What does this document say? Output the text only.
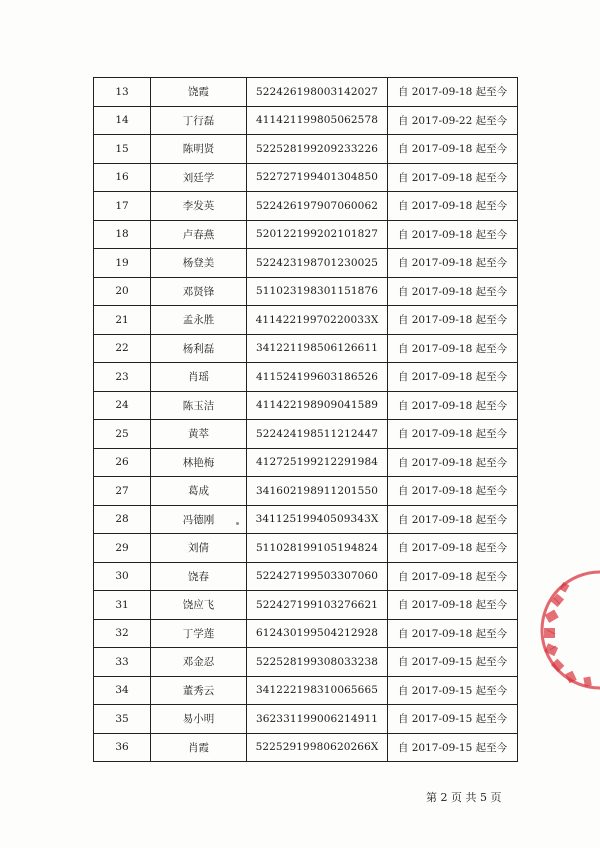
13	饶霞	522426198003142027	自 2017-09-18 起至今
14	丁行磊	411421199805062578	自 2017-09-22 起至今
15	陈明贤	522528199209233226	自 2017-09-18 起至今
16	刘廷学	522727199401304850	自 2017-09-18 起至今
17	李发英	522426197907060062	自 2017-09-18 起至今
18	卢春燕	520122199202101827	自 2017-09-18 起至今
19	杨登美	522423198701230025	自 2017-09-18 起至今
20	邓贤锋	511023198301151876	自 2017-09-18 起至今
21	孟永胜	41142219970220033X	自 2017-09-18 起至今
22	杨利磊	341221198506126611	自 2017-09-18 起至今
23	肖瑶	411524199603186526	自 2017-09-18 起至今
24	陈玉洁	411422198909041589	自 2017-09-18 起至今
25	黄萃	522424198511212447	自 2017-09-18 起至今
26	林艳梅	412725199212291984	自 2017-09-18 起至今
27	葛成	341602198911201550	自 2017-09-18 起至今
28	冯德刚	34112519940509343X	自 2017-09-18 起至今
29	刘倩	511028199105194824	自 2017-09-18 起至今
30	饶春	522427199503307060	自 2017-09-18 起至今
31	饶应飞	522427199103276621	自 2017-09-18 起至今
32	丁学莲	612430199504212928	自 2017-09-18 起至今
33	邓金忍	522528199308033238	自 2017-09-15 起至今
34	董秀云	341222198310065665	自 2017-09-15 起至今
35	易小明	362331199006214911	自 2017-09-15 起至今
36	肖霞	52252919980620266X	自 2017-09-15 起至今
第 2 页 共 5 页
